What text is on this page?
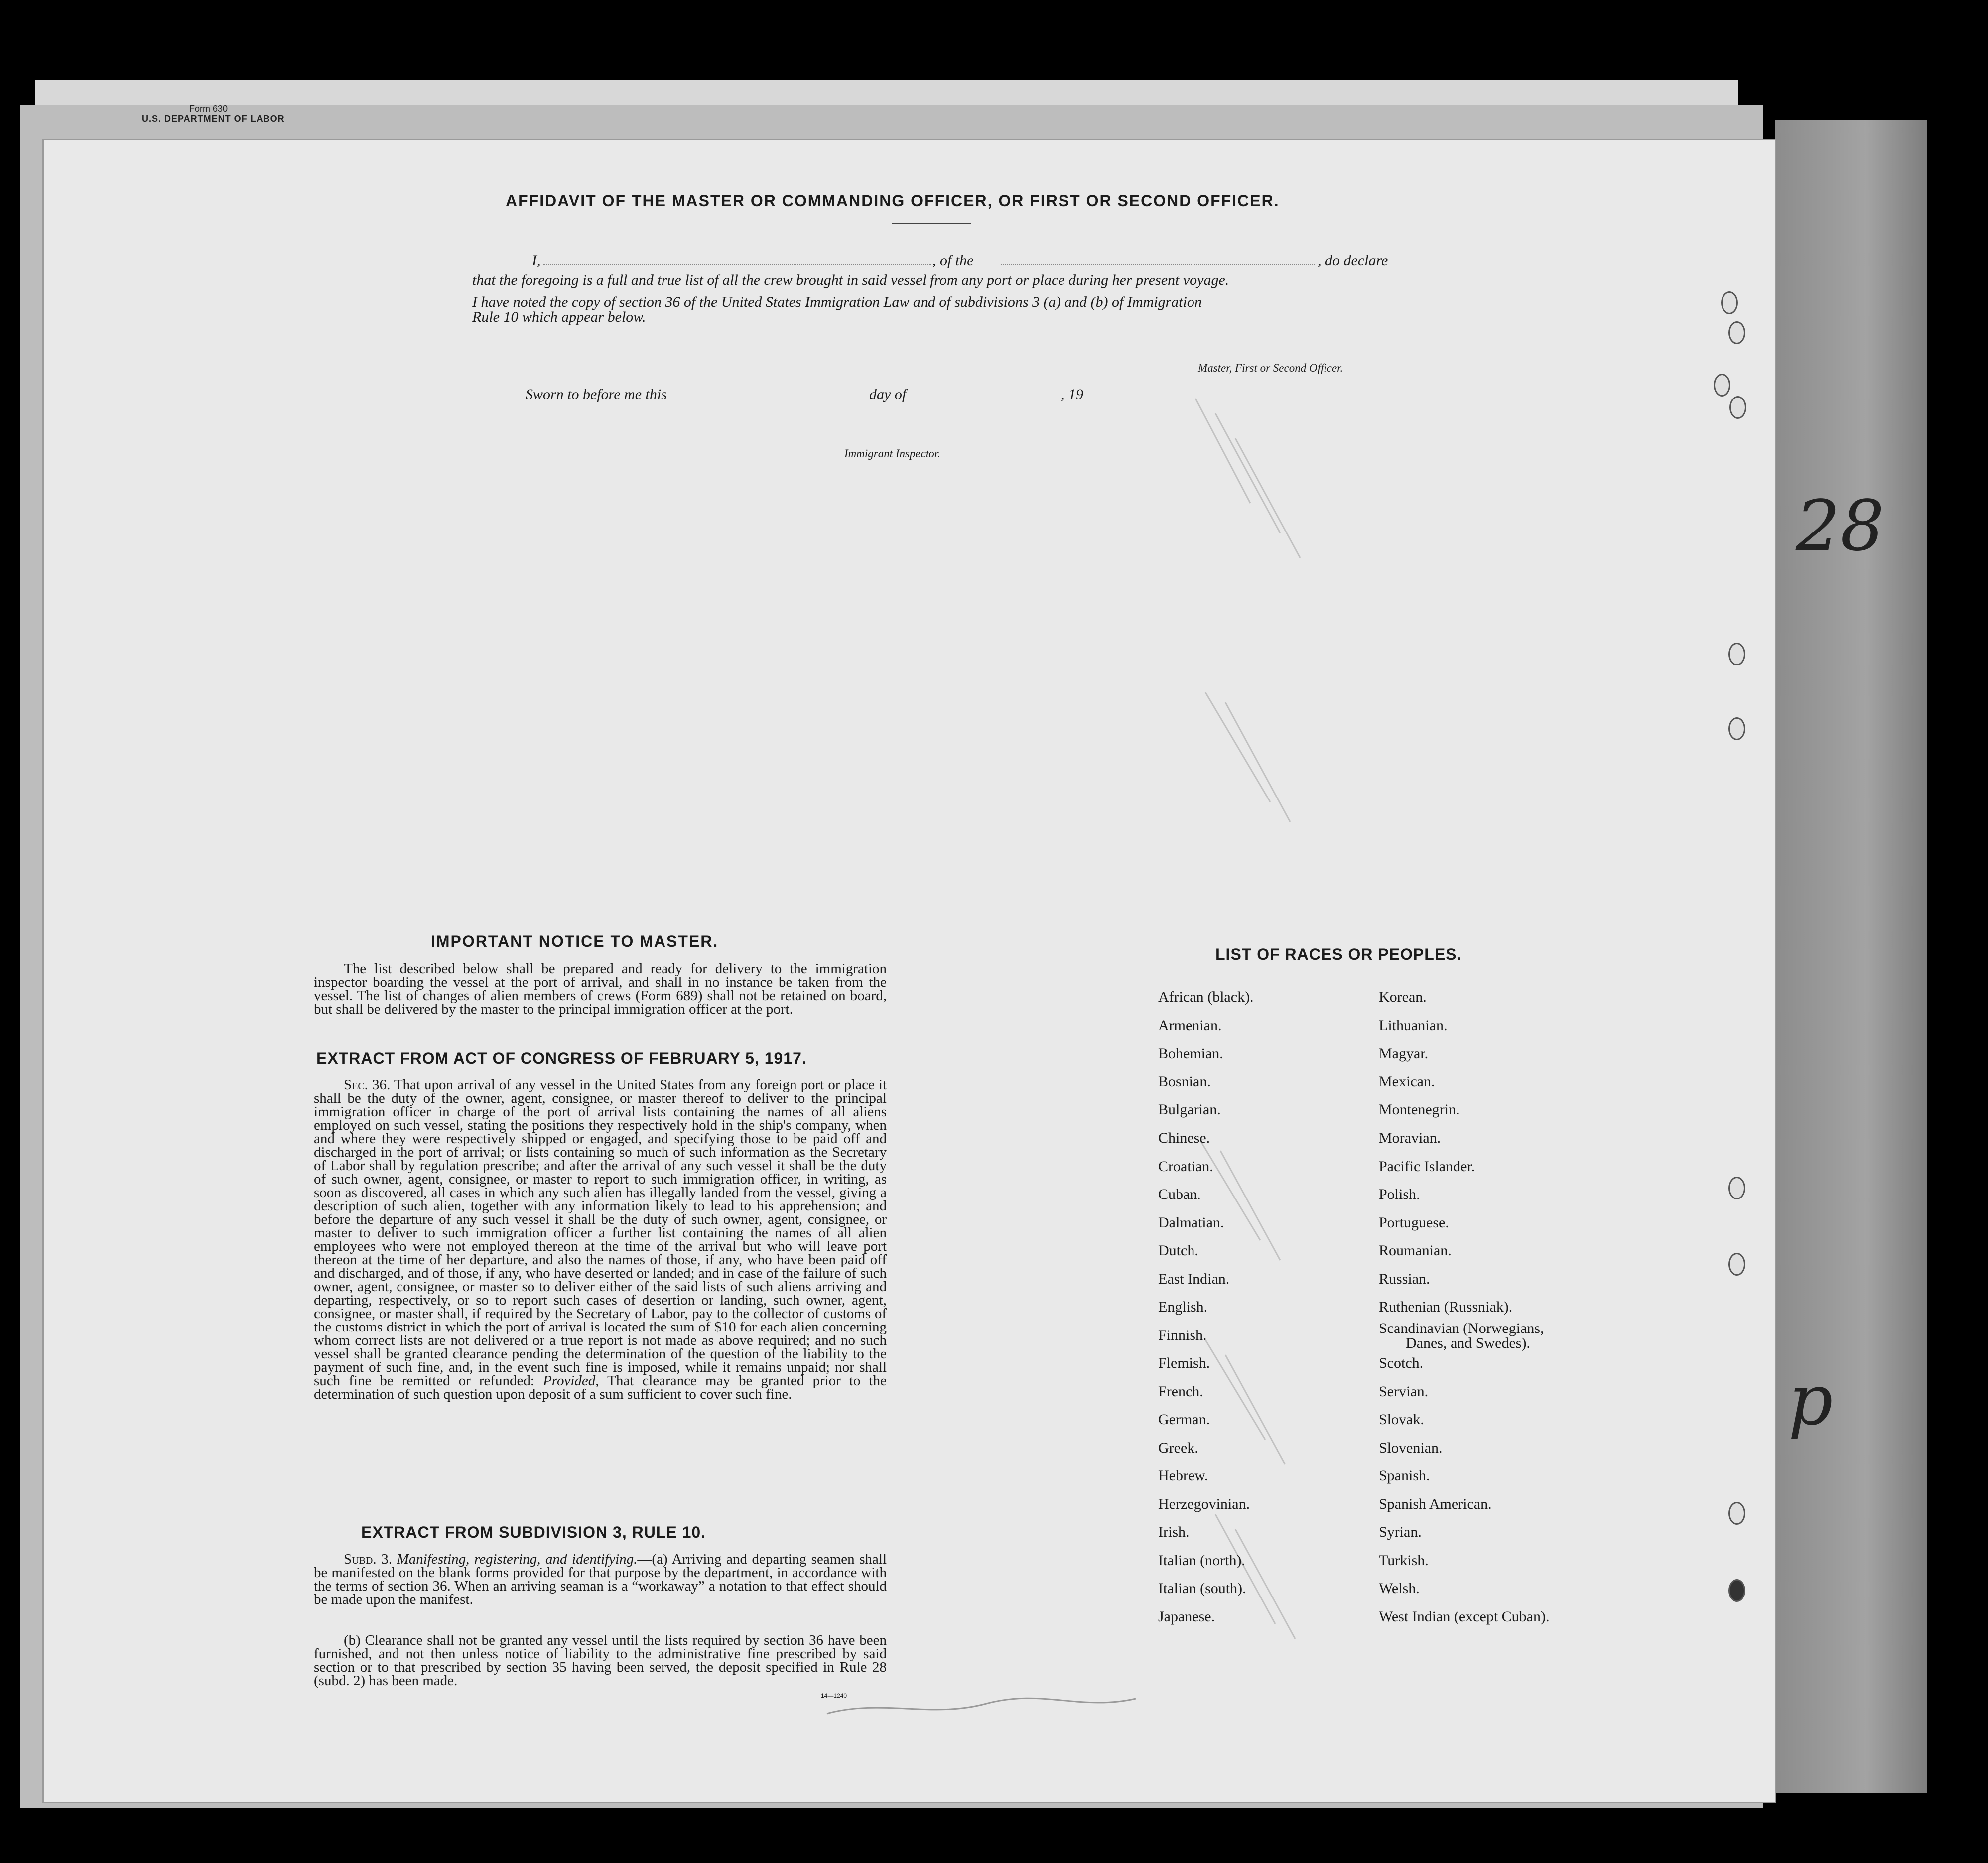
Form 630
U.S. DEPARTMENT OF LABOR
AFFIDAVIT OF THE MASTER OR COMMANDING OFFICER, OR FIRST OR SECOND OFFICER.
I,	, of the	, do declare
that the foregoing is a full and true list of all the crew brought in said vessel from any port or place during her present voyage.
I have noted the copy of section 36 of the United States Immigration Law and of subdivisions 3 (a) and (b) of Immigration
Rule 10 which appear below.
Master, First or Second Officer.
Sworn to before me this	day of	, 19
Immigrant Inspector.
IMPORTANT NOTICE TO MASTER.
The list described below shall be prepared and ready for delivery to the immigration inspector boarding the vessel at the port of arrival, and shall in no instance be taken from the vessel. The list of changes of alien members of crews (Form 689) shall not be retained on board, but shall be delivered by the master to the principal immigration officer at the port.
EXTRACT FROM ACT OF CONGRESS OF FEBRUARY 5, 1917.
Sec. 36. That upon arrival of any vessel in the United States from any foreign port or place it shall be the duty of the owner, agent, consignee, or master thereof to deliver to the principal immigration officer in charge of the port of arrival lists containing the names of all aliens employed on such vessel, stating the positions they respectively hold in the ship's company, when and where they were respectively shipped or engaged, and specifying those to be paid off and discharged in the port of arrival; or lists containing so much of such information as the Secretary of Labor shall by regulation prescribe; and after the arrival of any such vessel it shall be the duty of such owner, agent, consignee, or master to report to such immigration officer, in writing, as soon as discovered, all cases in which any such alien has illegally landed from the vessel, giving a description of such alien, together with any information likely to lead to his apprehension; and before the departure of any such vessel it shall be the duty of such owner, agent, consignee, or master to deliver to such immigration officer a further list containing the names of all alien employees who were not employed thereon at the time of the arrival but who will leave port thereon at the time of her departure, and also the names of those, if any, who have been paid off and discharged, and of those, if any, who have deserted or landed; and in case of the failure of such owner, agent, consignee, or master so to deliver either of the said lists of such aliens arriving and departing, respectively, or so to report such cases of desertion or landing, such owner, agent, consignee, or master shall, if required by the Secretary of Labor, pay to the collector of customs of the customs district in which the port of arrival is located the sum of $10 for each alien concerning whom correct lists are not delivered or a true report is not made as above required; and no such vessel shall be granted clearance pending the determination of the question of the liability to the payment of such fine, and, in the event such fine is imposed, while it remains unpaid; nor shall such fine be remitted or refunded: Provided, That clearance may be granted prior to the determination of such question upon deposit of a sum sufficient to cover such fine.
EXTRACT FROM SUBDIVISION 3, RULE 10.
Subd. 3. Manifesting, registering, and identifying.—(a) Arriving and departing seamen shall be manifested on the blank forms provided for that purpose by the department, in accordance with the terms of section 36. When an arriving seaman is a “workaway” a notation to that effect should be made upon the manifest.
(b) Clearance shall not be granted any vessel until the lists required by section 36 have been furnished, and not then unless notice of liability to the administrative fine prescribed by said section or to that prescribed by section 35 having been served, the deposit specified in Rule 28 (subd. 2) has been made.
14—1240
LIST OF RACES OR PEOPLES.
African (black).
Armenian.
Bohemian.
Bosnian.
Bulgarian.
Chinese.
Croatian.
Cuban.
Dalmatian.
Dutch.
East Indian.
English.
Finnish.
Flemish.
French.
German.
Greek.
Hebrew.
Herzegovinian.
Irish.
Italian (north).
Italian (south).
Japanese.
Korean.
Lithuanian.
Magyar.
Mexican.
Montenegrin.
Moravian.
Pacific Islander.
Polish.
Portuguese.
Roumanian.
Russian.
Ruthenian (Russniak).
Scandinavian (Norwegians,
Danes, and Swedes).
Scotch.
Servian.
Slovak.
Slovenian.
Spanish.
Spanish American.
Syrian.
Turkish.
Welsh.
West Indian (except Cuban).
28
p
